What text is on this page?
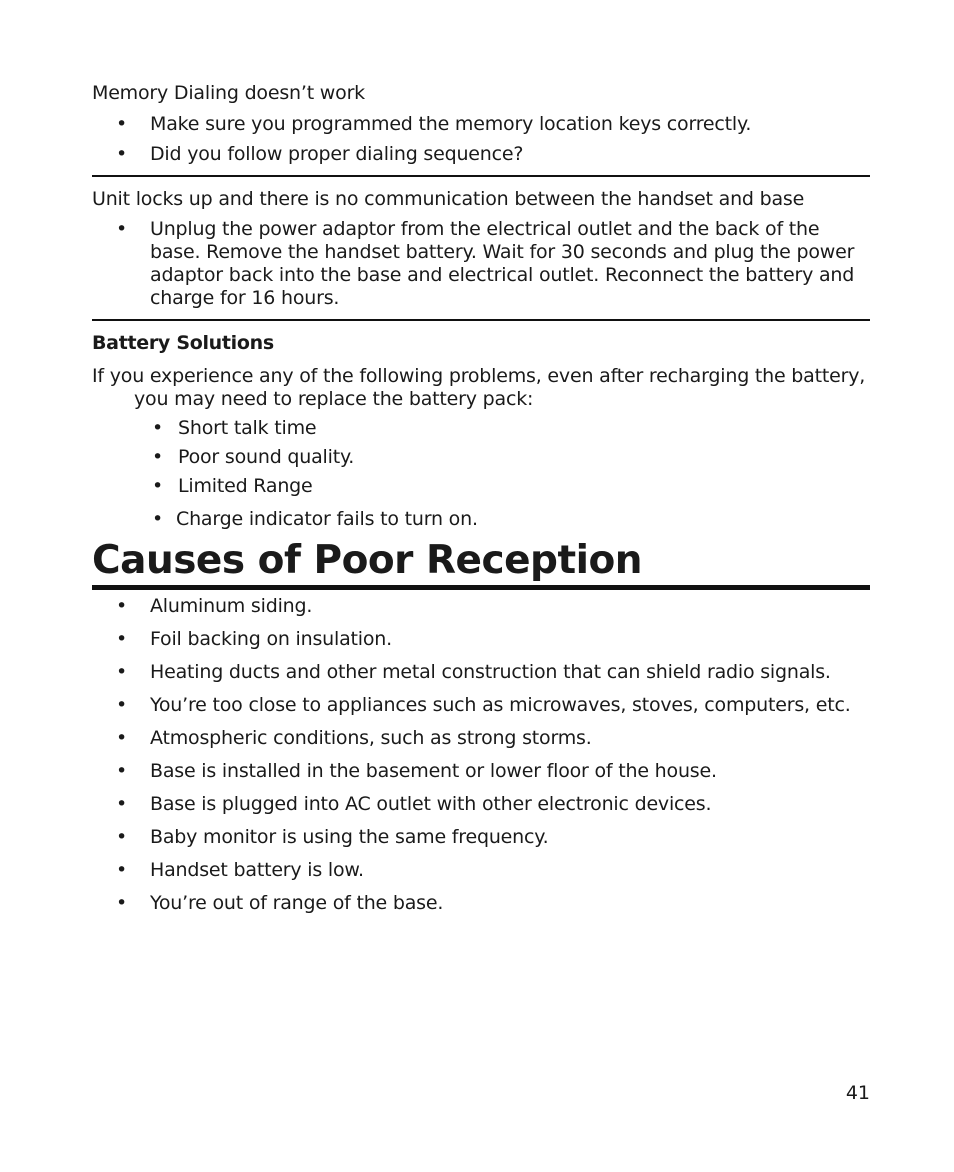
Memory Dialing doesn’t work

• Make sure you programmed the memory location keys correctly.
• Did you follow proper dialing sequence?

Unit locks up and there is no communication between the handset and base

• Unplug the power adaptor from the electrical outlet and the back of the base. Remove the handset battery. Wait for 30 seconds and plug the power adaptor back into the base and electrical outlet. Reconnect the battery and charge for 16 hours.
Battery Solutions
If you experience any of the following problems, even after recharging the battery, you may need to replace the battery pack:
• Short talk time
• Poor sound quality.
• Limited Range
• Charge indicator fails to turn on.
Causes of Poor Reception
• Aluminum siding.
• Foil backing on insulation.
• Heating ducts and other metal construction that can shield radio signals.
• You’re too close to appliances such as microwaves, stoves, computers, etc.
• Atmospheric conditions, such as strong storms.
• Base is installed in the basement or lower floor of the house.
• Base is plugged into AC outlet with other electronic devices.
• Baby monitor is using the same frequency.
• Handset battery is low.
• You’re out of range of the base.
41
